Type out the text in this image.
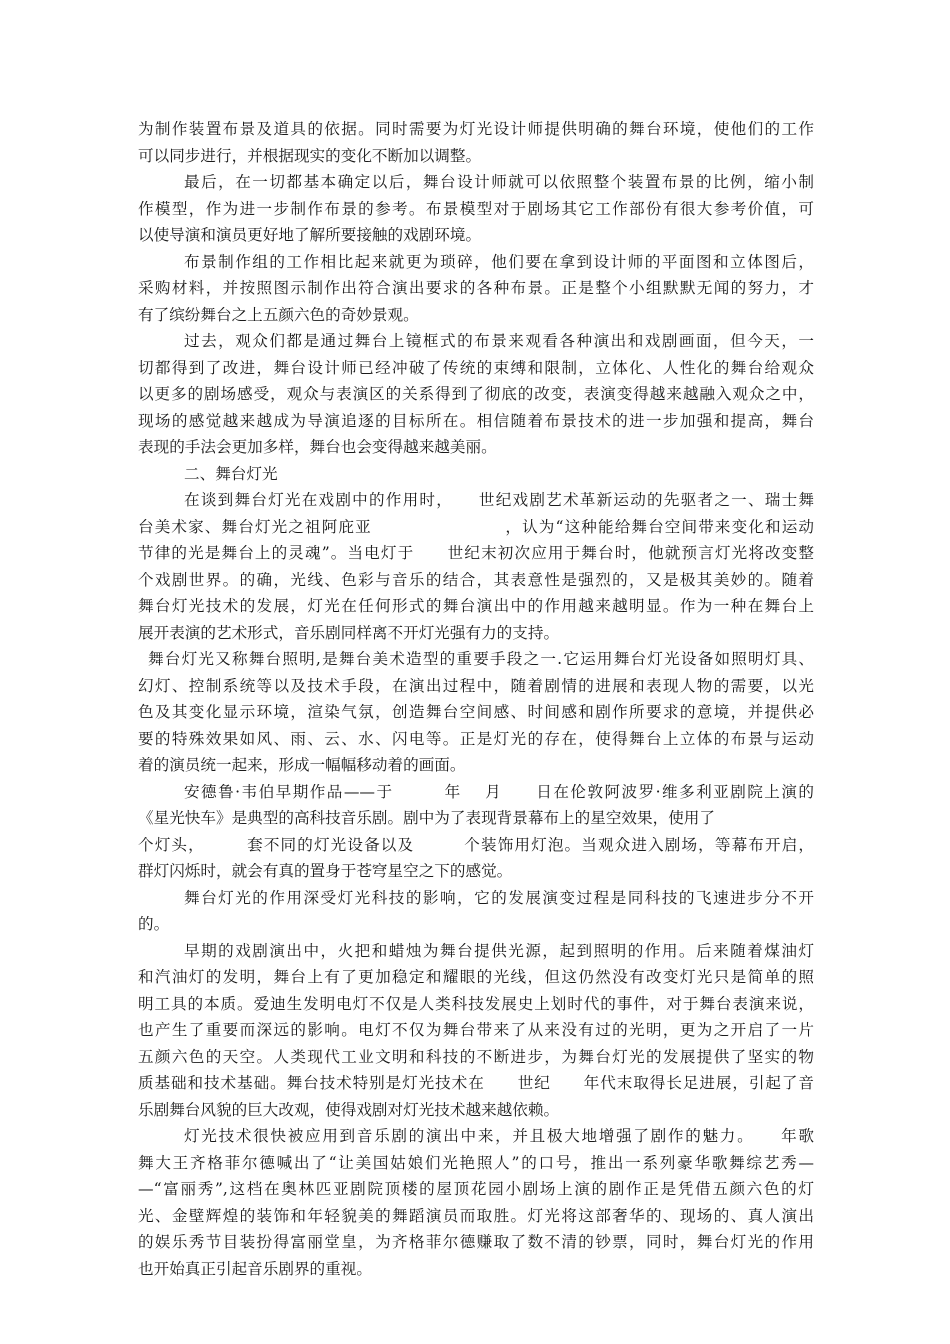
为制作装置布景及道具的依据。同时需要为灯光设计师提供明确的舞台环境，使他们的工作
可以同步进行，并根据现实的变化不断加以调整。
最后，在一切都基本确定以后，舞台设计师就可以依照整个装置布景的比例，缩小制
作模型，作为进一步制作布景的参考。布景模型对于剧场其它工作部份有很大参考价值，可
以使导演和演员更好地了解所要接触的戏剧环境。
布景制作组的工作相比起来就更为琐碎，他们要在拿到设计师的平面图和立体图后，
采购材料，并按照图示制作出符合演出要求的各种布景。正是整个小组默默无闻的努力，才
有了缤纷舞台之上五颜六色的奇妙景观。
过去，观众们都是通过舞台上镜框式的布景来观看各种演出和戏剧画面，但今天，一
切都得到了改进，舞台设计师已经冲破了传统的束缚和限制，立体化、人性化的舞台给观众
以更多的剧场感受，观众与表演区的关系得到了彻底的改变，表演变得越来越融入观众之中，
现场的感觉越来越成为导演追逐的目标所在。相信随着布景技术的进一步加强和提高，舞台
表现的手法会更加多样，舞台也会变得越来越美丽。
二、舞台灯光
在谈到舞台灯光在戏剧中的作用时，　　世纪戏剧艺术革新运动的先驱者之一、瑞士舞
台美术家、舞台灯光之祖阿庇亚　　　　　　　　，认为“这种能给舞台空间带来变化和运动
节律的光是舞台上的灵魂”。当电灯于　　世纪末初次应用于舞台时，他就预言灯光将改变整
个戏剧世界。的确，光线、色彩与音乐的结合，其表意性是强烈的，又是极其美妙的。随着
舞台灯光技术的发展，灯光在任何形式的舞台演出中的作用越来越明显。作为一种在舞台上
展开表演的艺术形式，音乐剧同样离不开灯光强有力的支持。
舞台灯光又称舞台照明,是舞台美术造型的重要手段之一.它运用舞台灯光设备如照明灯具、
幻灯、控制系统等以及技术手段，在演出过程中，随着剧情的进展和表现人物的需要，以光
色及其变化显示环境，渲染气氛，创造舞台空间感、时间感和剧作所要求的意境，并提供必
要的特殊效果如风、雨、云、水、闪电等。正是灯光的存在，使得舞台上立体的布景与运动
着的演员统一起来，形成一幅幅移动着的画面。
安德鲁·韦伯早期作品——于　　　年　 月　　日在伦敦阿波罗·维多利亚剧院上演的
《星光快车》是典型的高科技音乐剧。剧中为了表现背景幕布上的星空效果，使用了
个灯头，　　　套不同的灯光设备以及　　　个装饰用灯泡。当观众进入剧场，等幕布开启，
群灯闪烁时，就会有真的置身于苍穹星空之下的感觉。
舞台灯光的作用深受灯光科技的影响，它的发展演变过程是同科技的飞速进步分不开
的。
早期的戏剧演出中，火把和蜡烛为舞台提供光源，起到照明的作用。后来随着煤油灯
和汽油灯的发明，舞台上有了更加稳定和耀眼的光线，但这仍然没有改变灯光只是简单的照
明工具的本质。爱迪生发明电灯不仅是人类科技发展史上划时代的事件，对于舞台表演来说，
也产生了重要而深远的影响。电灯不仅为舞台带来了从来没有过的光明，更为之开启了一片
五颜六色的天空。人类现代工业文明和科技的不断进步，为舞台灯光的发展提供了坚实的物
质基础和技术基础。舞台技术特别是灯光技术在　　世纪　　年代末取得长足进展，引起了音
乐剧舞台风貌的巨大改观，使得戏剧对灯光技术越来越依赖。
灯光技术很快被应用到音乐剧的演出中来，并且极大地增强了剧作的魅力。　　年歌
舞大王齐格菲尔德喊出了“让美国姑娘们光艳照人”的口号，推出一系列豪华歌舞综艺秀—
—“富丽秀”,这档在奥林匹亚剧院顶楼的屋顶花园小剧场上演的剧作正是凭借五颜六色的灯
光、金壁辉煌的装饰和年轻貌美的舞蹈演员而取胜。灯光将这部奢华的、现场的、真人演出
的娱乐秀节目装扮得富丽堂皇，为齐格菲尔德赚取了数不清的钞票，同时，舞台灯光的作用
也开始真正引起音乐剧界的重视。
